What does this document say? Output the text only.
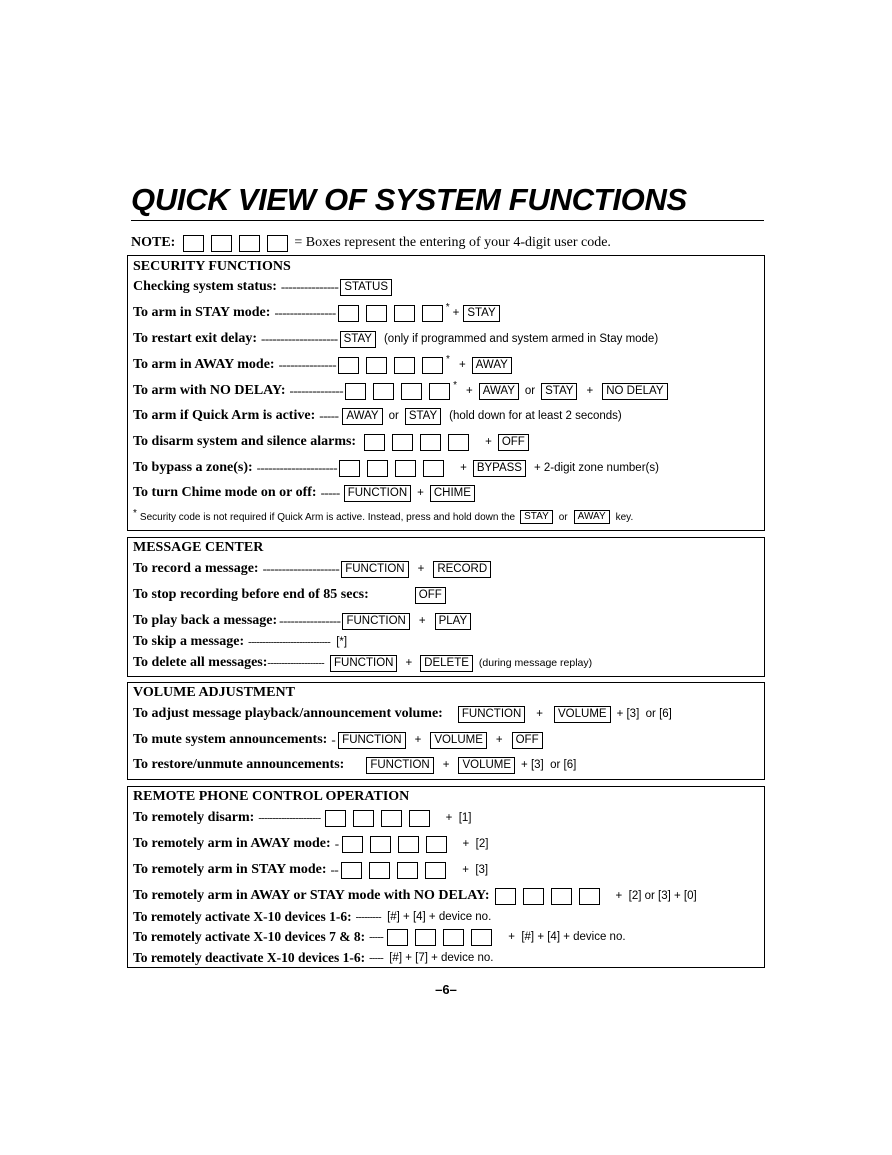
QUICK VIEW OF SYSTEM FUNCTIONS
NOTE:	= Boxes represent the entering of your 4-digit user code.
SECURITY FUNCTIONS
Checking system status: --------------- STATUS
To arm in STAY mode: ----------------	* + STAY
To restart exit delay: -------------------- STAY	(only if programmed and system armed in Stay mode)
To arm in AWAY mode: ---------------	* + AWAY
To arm with NO DELAY: --------------	* + AWAY or STAY	+	NO DELAY
To arm if Quick Arm is active: ----- AWAY or STAY	(hold down for at least 2 seconds)
To disarm system and silence alarms:	+ OFF
To bypass a zone(s): ---------------------	+ BYPASS	+ 2-digit zone number(s)
To turn Chime mode on or off: ----- FUNCTION + CHIME
* Security code is not required if Quick Arm is active. Instead, press and hold down the STAY	or	AWAY	key.
MESSAGE CENTER
To record a message: -------------------- FUNCTION	+	RECORD
To stop recording before end of 85 secs:	OFF
To play back a message: ---------------- FUNCTION	+	PLAY
To skip a message: ----------------------------- [*]
To delete all messages: -------------------- FUNCTION	+	DELETE (during message replay)
VOLUME ADJUSTMENT
To adjust message playback/announcement volume:	FUNCTION	+	VOLUME + [3]  or [6]
To mute system announcements: - FUNCTION	+	VOLUME	+	OFF
To restore/unmute announcements:	FUNCTION	+	VOLUME + [3]  or [6]
REMOTE PHONE CONTROL OPERATION
To remotely disarm: ----------------------	+  [1]
To remotely arm in AWAY mode: -	+  [2]
To remotely arm in STAY mode: --	+  [3]
To remotely arm in AWAY or STAY mode with NO DELAY:	+  [2] or [3] + [0]
To remotely activate X-10 devices 1-6: --------- [#] + [4] + device no.
To remotely activate X-10 devices 7 & 8: -----	+  [#] + [4] + device no.
To remotely deactivate X-10 devices 1-6: ----- [#] + [7] + device no.
–6–
